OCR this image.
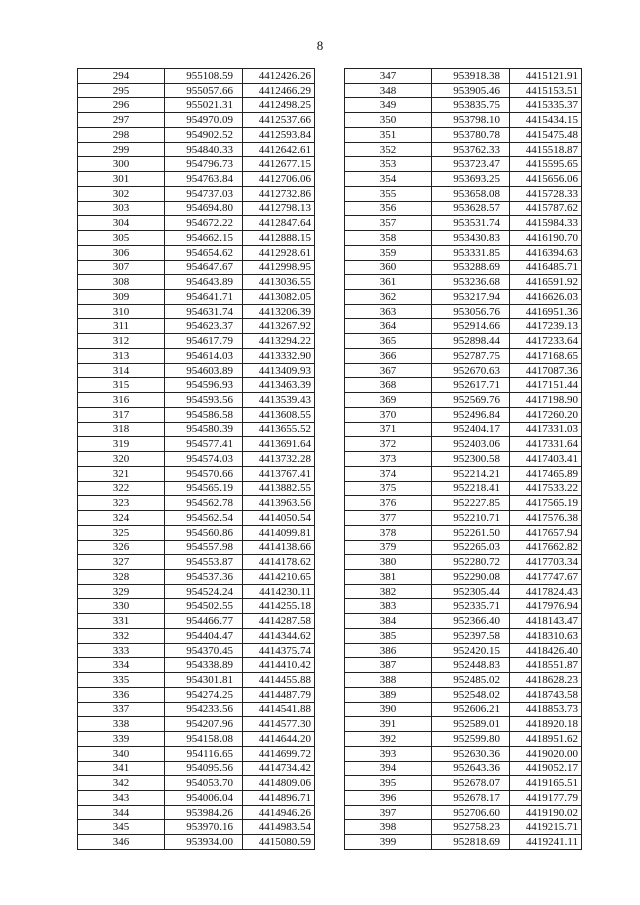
8
294	955108.59	4412426.26
295	955057.66	4412466.29
296	955021.31	4412498.25
297	954970.09	4412537.66
298	954902.52	4412593.84
299	954840.33	4412642.61
300	954796.73	4412677.15
301	954763.84	4412706.06
302	954737.03	4412732.86
303	954694.80	4412798.13
304	954672.22	4412847.64
305	954662.15	4412888.15
306	954654.62	4412928.61
307	954647.67	4412998.95
308	954643.89	4413036.55
309	954641.71	4413082.05
310	954631.74	4413206.39
311	954623.37	4413267.92
312	954617.79	4413294.22
313	954614.03	4413332.90
314	954603.89	4413409.93
315	954596.93	4413463.39
316	954593.56	4413539.43
317	954586.58	4413608.55
318	954580.39	4413655.52
319	954577.41	4413691.64
320	954574.03	4413732.28
321	954570.66	4413767.41
322	954565.19	4413882.55
323	954562.78	4413963.56
324	954562.54	4414050.54
325	954560.86	4414099.81
326	954557.98	4414138.66
327	954553.87	4414178.62
328	954537.36	4414210.65
329	954524.24	4414230.11
330	954502.55	4414255.18
331	954466.77	4414287.58
332	954404.47	4414344.62
333	954370.45	4414375.74
334	954338.89	4414410.42
335	954301.81	4414455.88
336	954274.25	4414487.79
337	954233.56	4414541.88
338	954207.96	4414577.30
339	954158.08	4414644.20
340	954116.65	4414699.72
341	954095.56	4414734.42
342	954053.70	4414809.06
343	954006.04	4414896.71
344	953984.26	4414946.26
345	953970.16	4414983.54
346	953934.00	4415080.59
347	953918.38	4415121.91
348	953905.46	4415153.51
349	953835.75	4415335.37
350	953798.10	4415434.15
351	953780.78	4415475.48
352	953762.33	4415518.87
353	953723.47	4415595.65
354	953693.25	4415656.06
355	953658.08	4415728.33
356	953628.57	4415787.62
357	953531.74	4415984.33
358	953430.83	4416190.70
359	953331.85	4416394.63
360	953288.69	4416485.71
361	953236.68	4416591.92
362	953217.94	4416626.03
363	953056.76	4416951.36
364	952914.66	4417239.13
365	952898.44	4417233.64
366	952787.75	4417168.65
367	952670.63	4417087.36
368	952617.71	4417151.44
369	952569.76	4417198.90
370	952496.84	4417260.20
371	952404.17	4417331.03
372	952403.06	4417331.64
373	952300.58	4417403.41
374	952214.21	4417465.89
375	952218.41	4417533.22
376	952227.85	4417565.19
377	952210.71	4417576.38
378	952261.50	4417657.94
379	952265.03	4417662.82
380	952280.72	4417703.34
381	952290.08	4417747.67
382	952305.44	4417824.43
383	952335.71	4417976.94
384	952366.40	4418143.47
385	952397.58	4418310.63
386	952420.15	4418426.40
387	952448.83	4418551.87
388	952485.02	4418628.23
389	952548.02	4418743.58
390	952606.21	4418853.73
391	952589.01	4418920.18
392	952599.80	4418951.62
393	952630.36	4419020.00
394	952643.36	4419052.17
395	952678.07	4419165.51
396	952678.17	4419177.79
397	952706.60	4419190.02
398	952758.23	4419215.71
399	952818.69	4419241.11
